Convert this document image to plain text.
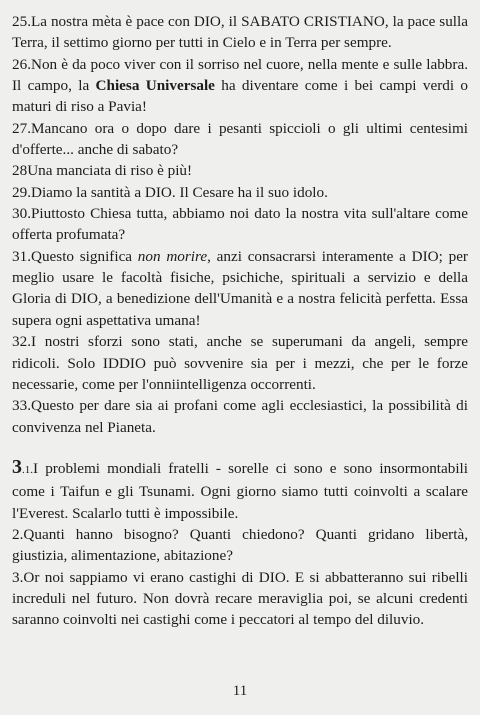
25.La nostra mèta è pace con DIO, il SABATO CRISTIANO, la pace sulla Terra, il settimo giorno per tutti in Cielo e in Terra per sempre.

26.Non è da poco viver con il sorriso nel cuore, nella mente e sulle labbra. Il campo, la Chiesa Universale ha diventare come i bei campi verdi o maturi di riso a Pavia!

27.Mancano ora o dopo dare i pesanti spiccioli o gli ultimi centesimi d'offerte... anche di sabato?

28Una manciata di riso è più!

29.Diamo la santità a DIO. Il Cesare ha il suo idolo.

30.Piuttosto Chiesa tutta, abbiamo noi dato la nostra vita sull'altare come offerta profumata?

31.Questo significa non morire, anzi consacrarsi interamente a DIO; per meglio usare le facoltà fisiche, psichiche, spirituali a servizio e della Gloria di DIO, a benedizione dell'Umanità e a nostra felicità perfetta. Essa supera ogni aspettativa umana!

32.I nostri sforzi sono stati, anche se superumani da angeli, sempre ridicoli. Solo IDDIO può sovvenire sia per i mezzi, che per le forze necessarie, come per l'onniintelligenza occorrenti.

33.Questo per dare sia ai profani come agli ecclesiastici, la possibilità di convivenza nel Pianeta.

3.1.I problemi mondiali fratelli - sorelle ci sono e sono insormontabili come i Taifun e gli Tsunami. Ogni giorno siamo tutti coinvolti a scalare l'Everest. Scalarlo tutti è impossibile.

2.Quanti hanno bisogno? Quanti chiedono? Quanti gridano libertà, giustizia, alimentazione, abitazione?

3.Or noi sappiamo vi erano castighi di DIO. E si abbatteranno sui ribelli increduli nel futuro. Non dovrà recare meraviglia poi, se alcuni credenti saranno coinvolti nei castighi come i peccatori al tempo del diluvio.

11
